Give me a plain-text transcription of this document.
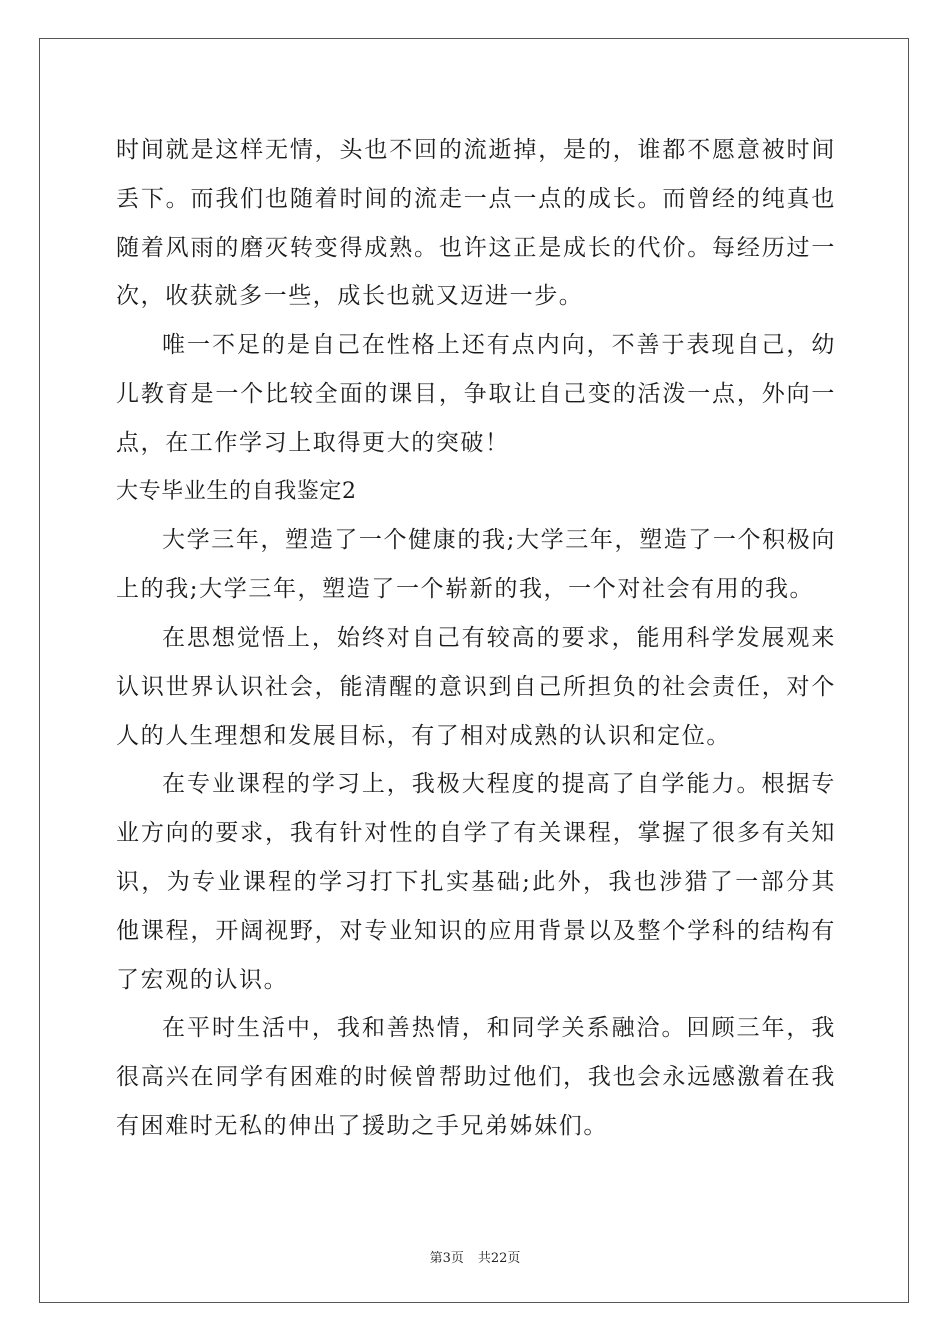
时间就是这样无情，头也不回的流逝掉，是的，谁都不愿意被时间丢下。而我们也随着时间的流走一点一点的成长。而曾经的纯真也随着风雨的磨灭转变得成熟。也许这正是成长的代价。每经历过一次，收获就多一些，成长也就又迈进一步。

唯一不足的是自己在性格上还有点内向，不善于表现自己，幼儿教育是一个比较全面的课目，争取让自己变的活泼一点，外向一点，在工作学习上取得更大的突破！

大专毕业生的自我鉴定2

大学三年，塑造了一个健康的我;大学三年，塑造了一个积极向上的我;大学三年，塑造了一个崭新的我，一个对社会有用的我。

在思想觉悟上，始终对自己有较高的要求，能用科学发展观来认识世界认识社会，能清醒的意识到自己所担负的社会责任，对个人的人生理想和发展目标，有了相对成熟的认识和定位。

在专业课程的学习上，我极大程度的提高了自学能力。根据专业方向的要求，我有针对性的自学了有关课程，掌握了很多有关知识，为专业课程的学习打下扎实基础;此外，我也涉猎了一部分其他课程，开阔视野，对专业知识的应用背景以及整个学科的结构有了宏观的认识。

在平时生活中，我和善热情，和同学关系融洽。回顾三年，我很高兴在同学有困难的时候曾帮助过他们，我也会永远感激着在我有困难时无私的伸出了援助之手兄弟姊妹们。

第3页 共22页
